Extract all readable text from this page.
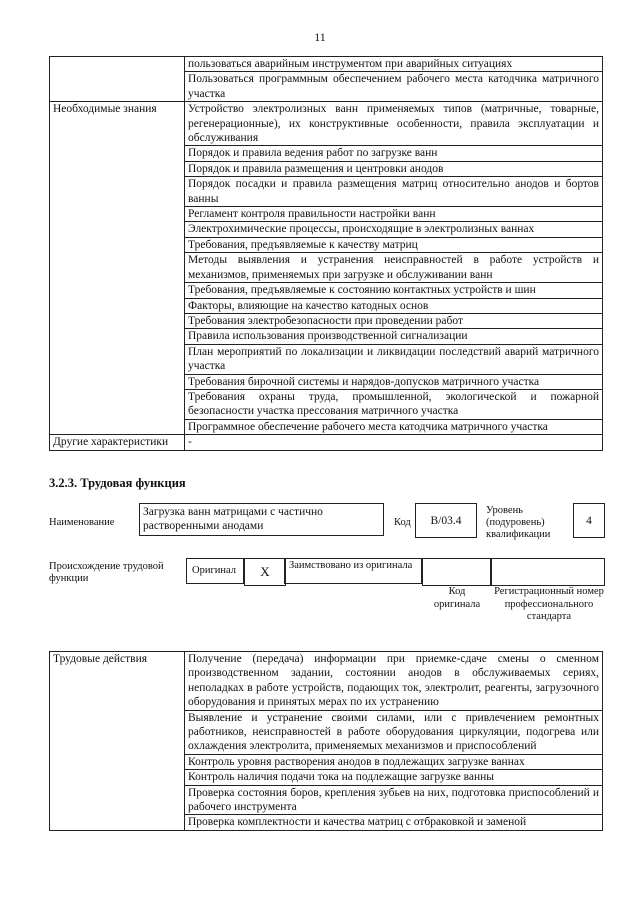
11
	пользоваться аварийным инструментом при аварийных ситуациях
	Пользоваться программным обеспечением рабочего места катодчика матричного участка
Необходимые знания	Устройство электролизных ванн применяемых типов (матричные, товарные, регенерационные), их конструктивные особенности, правила эксплуатации и обслуживания
	Порядок и правила ведения работ по загрузке ванн
	Порядок и правила размещения и центровки анодов
	Порядок посадки и правила размещения матриц относительно анодов и бортов ванны
	Регламент контроля правильности настройки ванн
	Электрохимические процессы, происходящие в электролизных ваннах
	Требования, предъявляемые к качеству матриц
	Методы выявления и устранения неисправностей в работе устройств и механизмов, применяемых при загрузке и обслуживании ванн
	Требования, предъявляемые к состоянию контактных устройств и шин
	Факторы, влияющие на качество катодных основ
	Требования электробезопасности при проведении работ
	Правила использования производственной сигнализации
	План мероприятий по локализации и ликвидации последствий аварий матричного участка
	Требования бирочной системы и нарядов-допусков матричного участка
	Требования охраны труда, промышленной, экологической и пожарной безопасности участка прессования матричного участка
	Программное обеспечение рабочего места катодчика матричного участка
Другие характеристики	-
3.2.3. Трудовая функция
Наименование
Загрузка ванн матрицами с частично растворенными анодами	Код B/03.4
Уровень (подуровень) квалификации
4
Происхождение трудовой функции
Оригинал X	Заимствовано из оригинала
Код оригинала
Регистрационный номер профессионального стандарта
Трудовые действия	Получение (передача) информации при приемке-сдаче смены о сменном производственном задании, состоянии анодов в обслуживаемых сериях, неполадках в работе устройств, подающих ток, электролит, реагенты, загрузочного оборудования и принятых мерах по их устранению
Выявление и устранение своими силами, или с привлечением ремонтных работников, неисправностей в работе оборудования циркуляции, подогрева или охлаждения электролита, применяемых механизмов и приспособлений
Контроль уровня растворения анодов в подлежащих загрузке ваннах
Контроль наличия подачи тока на подлежащие загрузке ванны
Проверка состояния боров, крепления зубьев на них, подготовка приспособлений и рабочего инструмента
Проверка комплектности и качества матриц с отбраковкой и заменой
